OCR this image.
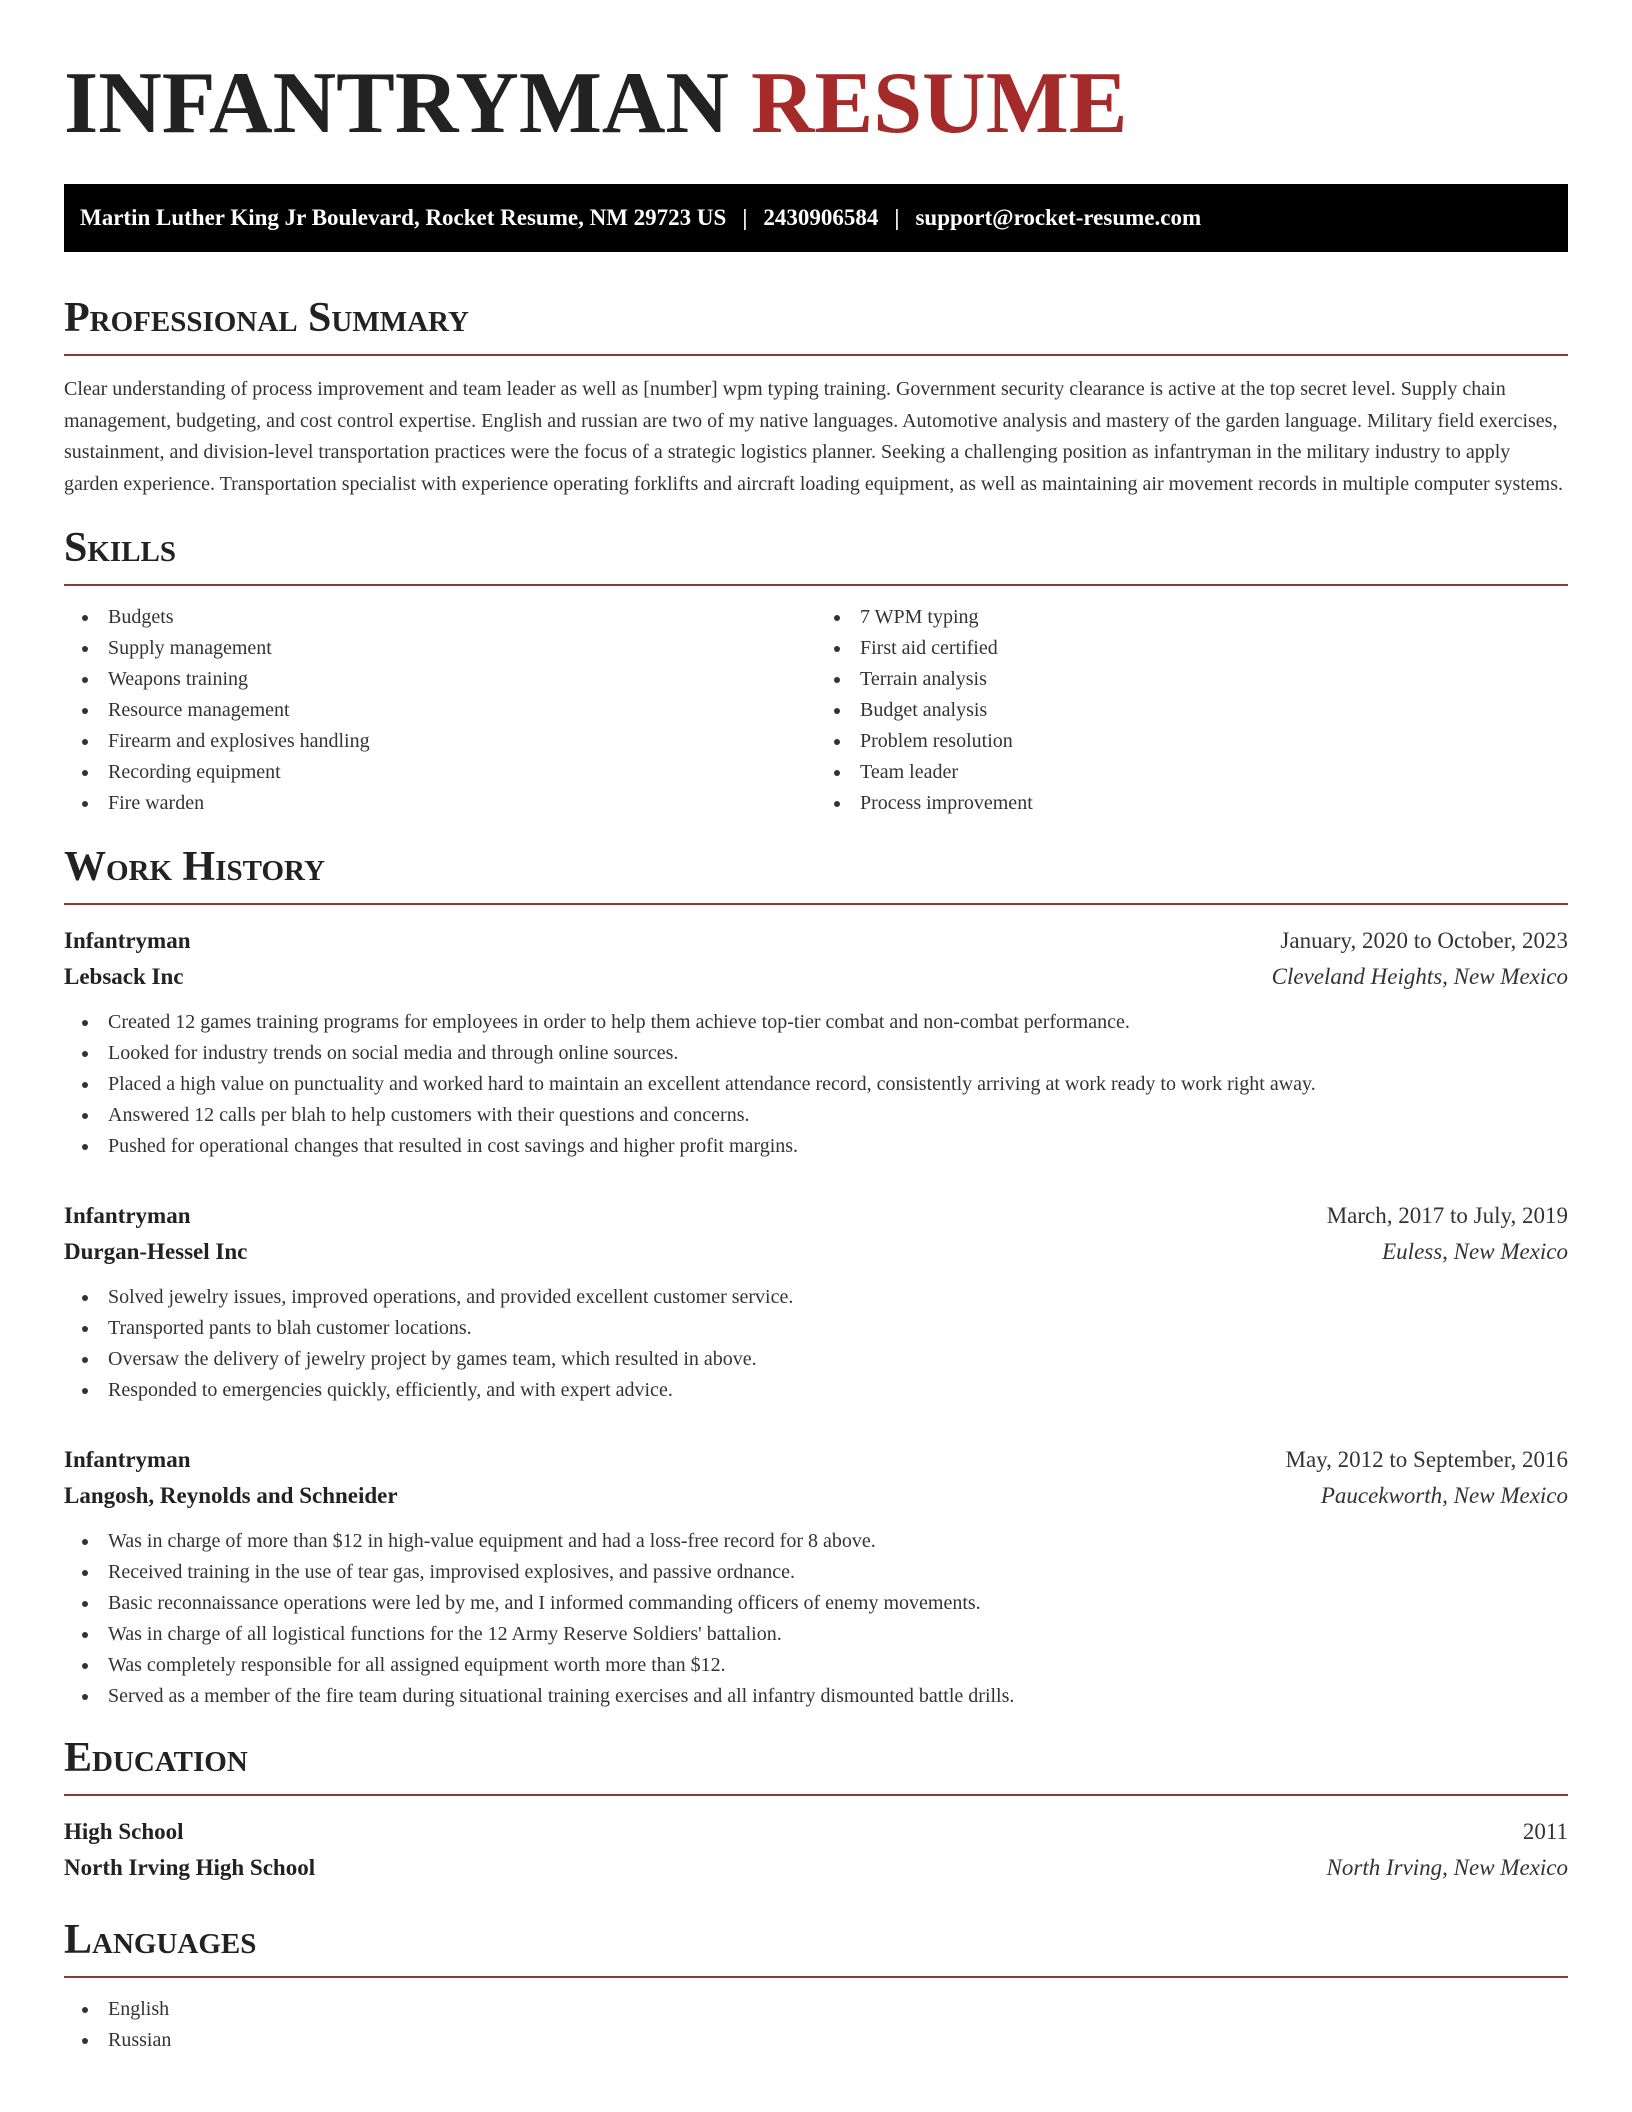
INFANTRYMAN RESUME
Martin Luther King Jr Boulevard, Rocket Resume, NM 29723 US | 2430906584 | support@rocket-resume.com
Professional Summary

Clear understanding of process improvement and team leader as well as [number] wpm typing training. Government security clearance is active at the top secret level. Supply chain management, budgeting, and cost control expertise. English and russian are two of my native languages. Automotive analysis and mastery of the garden language. Military field exercises, sustainment, and division-level transportation practices were the focus of a strategic logistics planner. Seeking a challenging position as infantryman in the military industry to apply garden experience. Transportation specialist with experience operating forklifts and aircraft loading equipment, as well as maintaining air movement records in multiple computer systems.

Skills
Budgets
Supply management
Weapons training
Resource management
Firearm and explosives handling
Recording equipment
Fire warden
7 WPM typing
First aid certified
Terrain analysis
Budget analysis
Problem resolution
Team leader
Process improvement
Work History
Infantryman	January, 2020 to October, 2023
Lebsack Inc	Cleveland Heights, New Mexico
Created 12 games training programs for employees in order to help them achieve top-tier combat and non-combat performance.
Looked for industry trends on social media and through online sources.
Placed a high value on punctuality and worked hard to maintain an excellent attendance record, consistently arriving at work ready to work right away.
Answered 12 calls per blah to help customers with their questions and concerns.
Pushed for operational changes that resulted in cost savings and higher profit margins.
Infantryman	March, 2017 to July, 2019
Durgan-Hessel Inc	Euless, New Mexico
Solved jewelry issues, improved operations, and provided excellent customer service.
Transported pants to blah customer locations.
Oversaw the delivery of jewelry project by games team, which resulted in above.
Responded to emergencies quickly, efficiently, and with expert advice.
Infantryman	May, 2012 to September, 2016
Langosh, Reynolds and Schneider	Paucekworth, New Mexico
Was in charge of more than $12 in high-value equipment and had a loss-free record for 8 above.
Received training in the use of tear gas, improvised explosives, and passive ordnance.
Basic reconnaissance operations were led by me, and I informed commanding officers of enemy movements.
Was in charge of all logistical functions for the 12 Army Reserve Soldiers' battalion.
Was completely responsible for all assigned equipment worth more than $12.
Served as a member of the fire team during situational training exercises and all infantry dismounted battle drills.
Education
High School	2011
North Irving High School	North Irving, New Mexico
Languages
English
Russian
